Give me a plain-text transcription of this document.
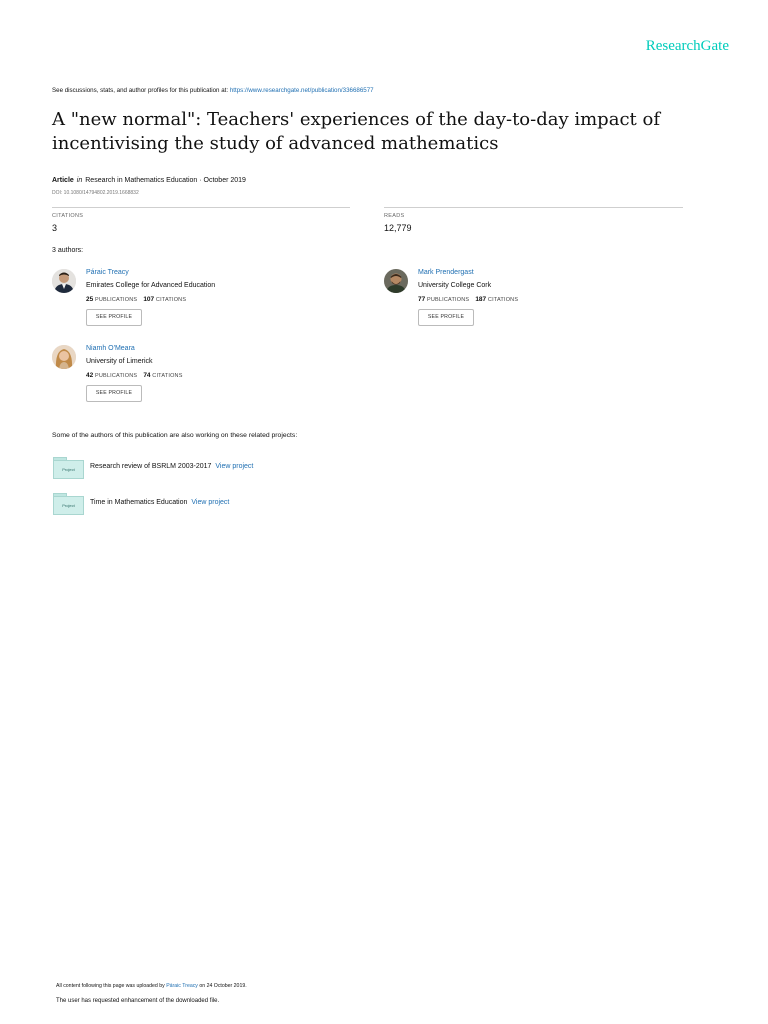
ResearchGate
See discussions, stats, and author profiles for this publication at: https://www.researchgate.net/publication/336686577
A "new normal": Teachers' experiences of the day-to-day impact of incentivising the study of advanced mathematics
Article in Research in Mathematics Education · October 2019
DOI: 10.1080/14794802.2019.1668832
CITATIONS
3
READS
12,779
3 authors:
Páraic Treacy
Emirates College for Advanced Education
25 PUBLICATIONS 107 CITATIONS
SEE PROFILE
Mark Prendergast
University College Cork
77 PUBLICATIONS 187 CITATIONS
SEE PROFILE
Niamh O'Meara
University of Limerick
42 PUBLICATIONS 74 CITATIONS
SEE PROFILE
Some of the authors of this publication are also working on these related projects:
Project	Research review of BSRLM 2003-2017 View project
Project	Time in Mathematics Education View project
All content following this page was uploaded by Páraic Treacy on 24 October 2019.
The user has requested enhancement of the downloaded file.
